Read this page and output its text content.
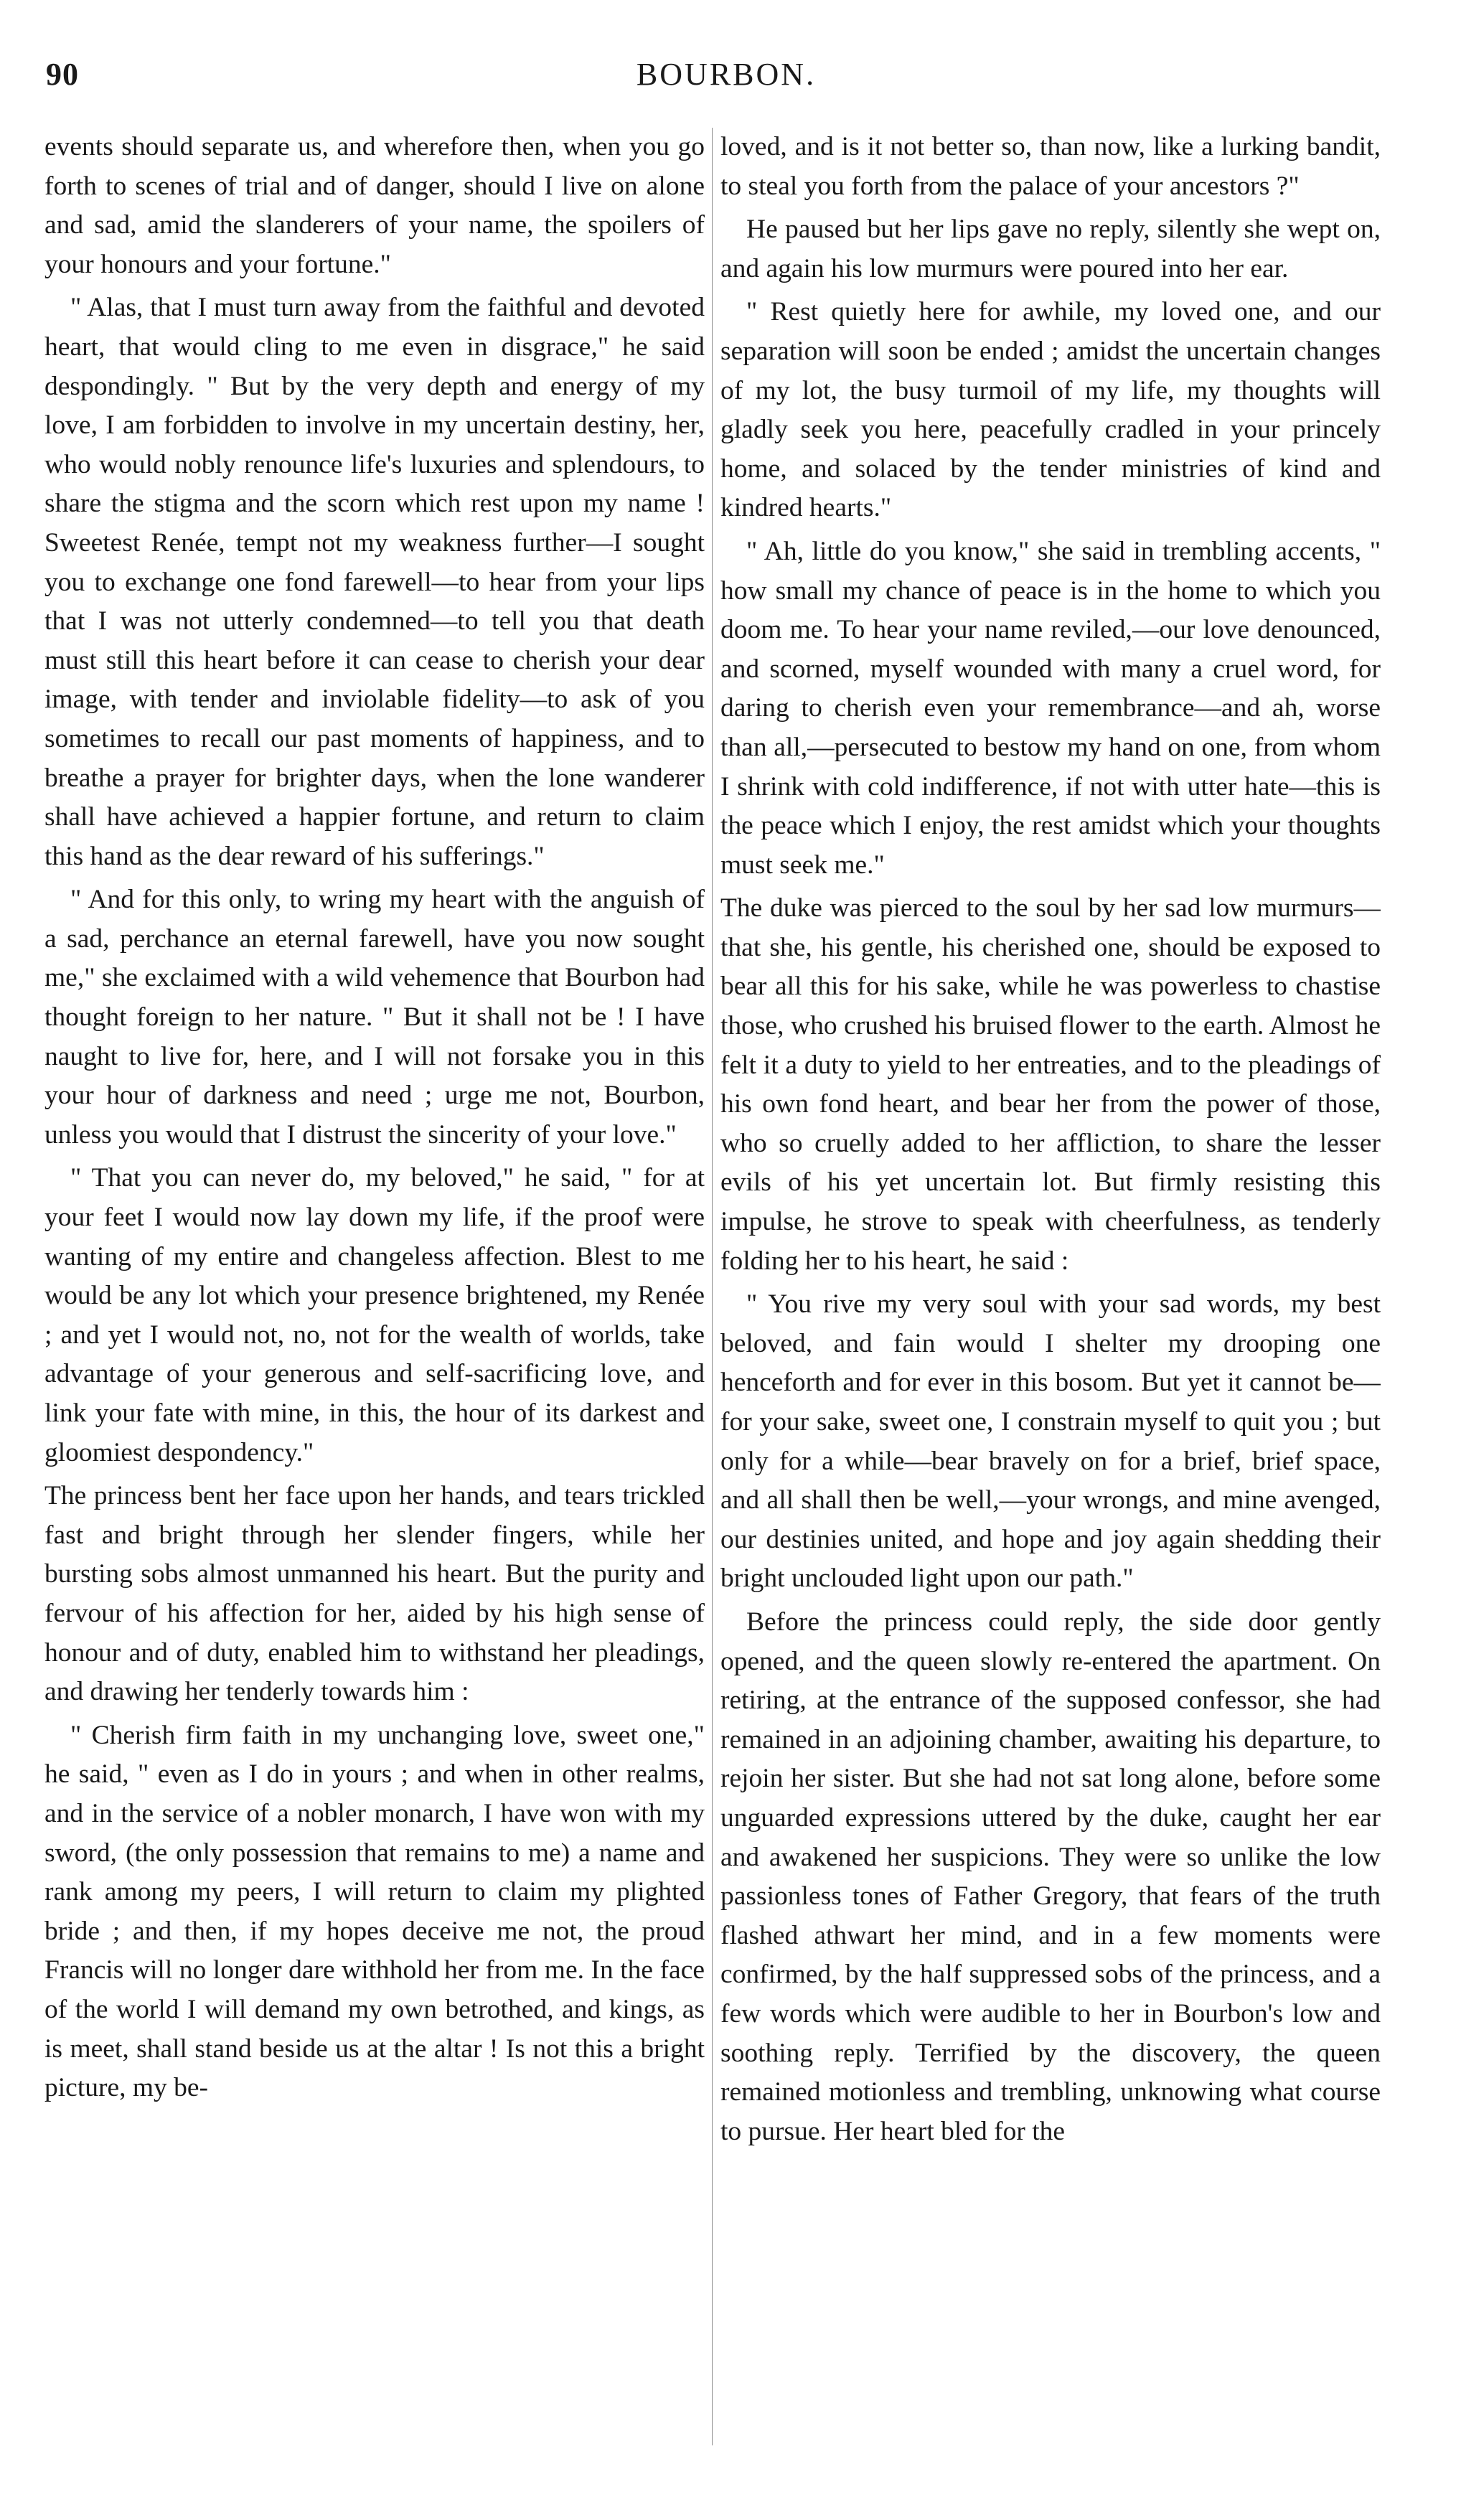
90	BOURBON.

events should separate us, and wherefore then, when you go forth to scenes of trial and of danger, should I live on alone and sad, amid the slanderers of your name, the spoilers of your honours and your fortune."

" Alas, that I must turn away from the faithful and devoted heart, that would cling to me even in disgrace," he said despondingly. " But by the very depth and energy of my love, I am forbidden to involve in my uncertain destiny, her, who would nobly renounce life's luxuries and splendours, to share the stigma and the scorn which rest upon my name ! Sweetest Renée, tempt not my weakness further—I sought you to exchange one fond farewell—to hear from your lips that I was not utterly condemned—to tell you that death must still this heart before it can cease to cherish your dear image, with tender and inviolable fidelity—to ask of you sometimes to recall our past moments of happiness, and to breathe a prayer for brighter days, when the lone wanderer shall have achieved a happier fortune, and return to claim this hand as the dear reward of his sufferings."

" And for this only, to wring my heart with the anguish of a sad, perchance an eternal farewell, have you now sought me," she exclaimed with a wild vehemence that Bourbon had thought foreign to her nature. " But it shall not be ! I have naught to live for, here, and I will not forsake you in this your hour of darkness and need ; urge me not, Bourbon, unless you would that I distrust the sincerity of your love."

" That you can never do, my beloved," he said, " for at your feet I would now lay down my life, if the proof were wanting of my entire and changeless affection. Blest to me would be any lot which your presence brightened, my Renée ; and yet I would not, no, not for the wealth of worlds, take advantage of your generous and self-sacrificing love, and link your fate with mine, in this, the hour of its darkest and gloomiest despondency."

The princess bent her face upon her hands, and tears trickled fast and bright through her slender fingers, while her bursting sobs almost unmanned his heart. But the purity and fervour of his affection for her, aided by his high sense of honour and of duty, enabled him to withstand her pleadings, and drawing her tenderly towards him :

" Cherish firm faith in my unchanging love, sweet one," he said, " even as I do in yours ; and when in other realms, and in the service of a nobler monarch, I have won with my sword, (the only possession that remains to me) a name and rank among my peers, I will return to claim my plighted bride ; and then, if my hopes deceive me not, the proud Francis will no longer dare withhold her from me. In the face of the world I will demand my own betrothed, and kings, as is meet, shall stand beside us at the altar ! Is not this a bright picture, my be-

loved, and is it not better so, than now, like a lurking bandit, to steal you forth from the palace of your ancestors ?"

He paused but her lips gave no reply, silently she wept on, and again his low murmurs were poured into her ear.

" Rest quietly here for awhile, my loved one, and our separation will soon be ended ; amidst the uncertain changes of my lot, the busy turmoil of my life, my thoughts will gladly seek you here, peacefully cradled in your princely home, and solaced by the tender ministries of kind and kindred hearts."

" Ah, little do you know," she said in trembling accents, " how small my chance of peace is in the home to which you doom me. To hear your name reviled,—our love denounced, and scorned, myself wounded with many a cruel word, for daring to cherish even your remembrance—and ah, worse than all,—persecuted to bestow my hand on one, from whom I shrink with cold indifference, if not with utter hate—this is the peace which I enjoy, the rest amidst which your thoughts must seek me."

The duke was pierced to the soul by her sad low murmurs—that she, his gentle, his cherished one, should be exposed to bear all this for his sake, while he was powerless to chastise those, who crushed his bruised flower to the earth. Almost he felt it a duty to yield to her entreaties, and to the pleadings of his own fond heart, and bear her from the power of those, who so cruelly added to her affliction, to share the lesser evils of his yet uncertain lot. But firmly resisting this impulse, he strove to speak with cheerfulness, as tenderly folding her to his heart, he said :

" You rive my very soul with your sad words, my best beloved, and fain would I shelter my drooping one henceforth and for ever in this bosom. But yet it cannot be—for your sake, sweet one, I constrain myself to quit you ; but only for a while—bear bravely on for a brief, brief space, and all shall then be well,—your wrongs, and mine avenged, our destinies united, and hope and joy again shedding their bright unclouded light upon our path."

Before the princess could reply, the side door gently opened, and the queen slowly re-entered the apartment. On retiring, at the entrance of the supposed confessor, she had remained in an adjoining chamber, awaiting his departure, to rejoin her sister. But she had not sat long alone, before some unguarded expressions uttered by the duke, caught her ear and awakened her suspicions. They were so unlike the low passionless tones of Father Gregory, that fears of the truth flashed athwart her mind, and in a few moments were confirmed, by the half suppressed sobs of the princess, and a few words which were audible to her in Bourbon's low and soothing reply. Terrified by the discovery, the queen remained motionless and trembling, unknowing what course to pursue. Her heart bled for the
